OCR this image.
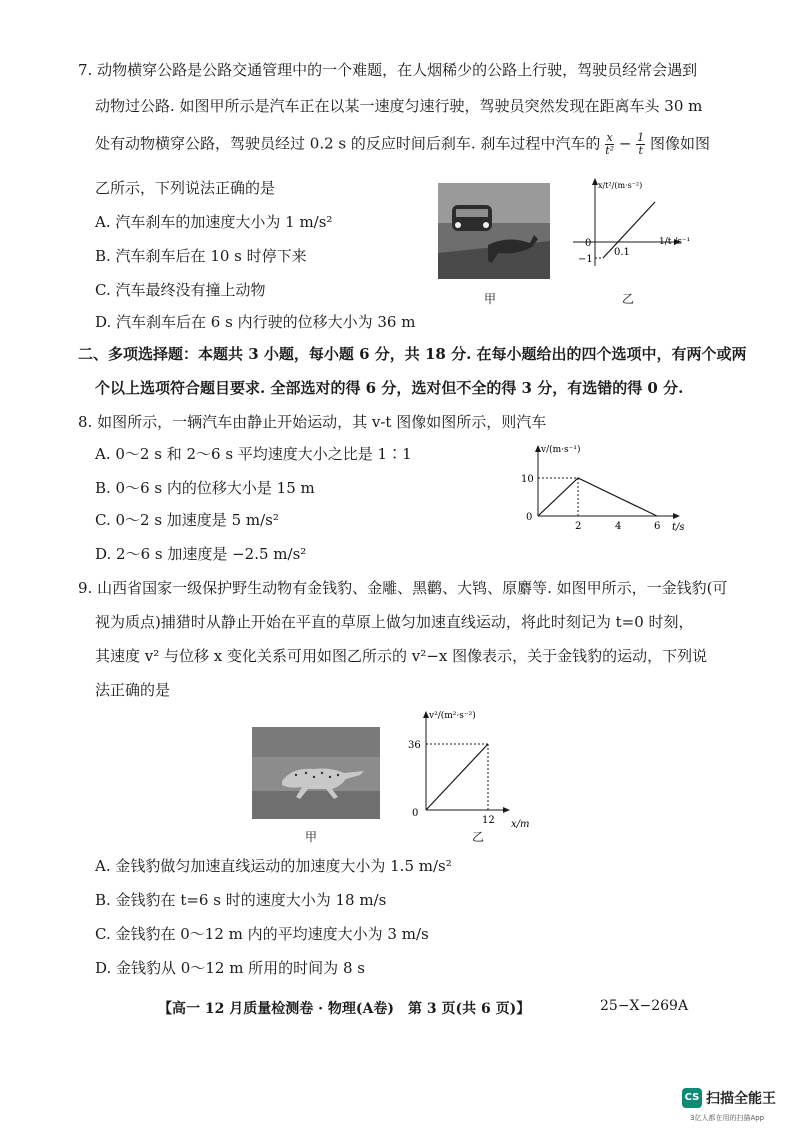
7. 动物横穿公路是公路交通管理中的一个难题，在人烟稀少的公路上行驶，驾驶员经常会遇到
动物过公路. 如图甲所示是汽车正在以某一速度匀速行驶，驾驶员突然发现在距离车头 30 m
处有动物横穿公路，驾驶员经过 0.2 s 的反应时间后刹车. 刹车过程中汽车的 $\frac{x}{\text{t²}} - \frac{1}{t}$ 图像如图
乙所示，下列说法正确的是
A. 汽车刹车的加速度大小为 1 m/s²
B. 汽车刹车后在 10 s 时停下来
C. 汽车最终没有撞上动物
D. 汽车刹车后在 6 s 内行驶的位移大小为 36 m
甲
x/t²/(m·s⁻²)
1/t /s⁻¹
0
0.1
−1
乙
二、多项选择题：本题共 3 小题，每小题 6 分，共 18 分. 在每小题给出的四个选项中，有两个或两
个以上选项符合题目要求. 全部选对的得 6 分，选对但不全的得 3 分，有选错的得 0 分.
8. 如图所示，一辆汽车由静止开始运动，其 v-t 图像如图所示，则汽车
A. 0～2 s 和 2～6 s 平均速度大小之比是 1∶1
B. 0～6 s 内的位移大小是 15 m
C. 0～2 s 加速度是 5 m/s²
D. 2～6 s 加速度是 −2.5 m/s²
v/(m·s⁻¹)
t/s
0
10
2	4	6
9. 山西省国家一级保护野生动物有金钱豹、金雕、黑鹳、大鸨、原麝等. 如图甲所示，一金钱豹(可
视为质点)捕猎时从静止开始在平直的草原上做匀加速直线运动，将此时刻记为 t=0 时刻，
其速度 v² 与位移 x 变化关系可用如图乙所示的 v²−x 图像表示，关于金钱豹的运动，下列说
法正确的是
甲
v²/(m²·s⁻²)
x/m
0
36
12
乙
A. 金钱豹做匀加速直线运动的加速度大小为 1.5 m/s²
B. 金钱豹在 t=6 s 时的速度大小为 18 m/s
C. 金钱豹在 0～12 m 内的平均速度大小为 3 m/s
D. 金钱豹从 0～12 m 所用的时间为 8 s
【高一 12 月质量检测卷 · 物理(A卷)　第 3 页(共 6 页)】	25−X−269A
CS 扫描全能王
3亿人都在用的扫描App
